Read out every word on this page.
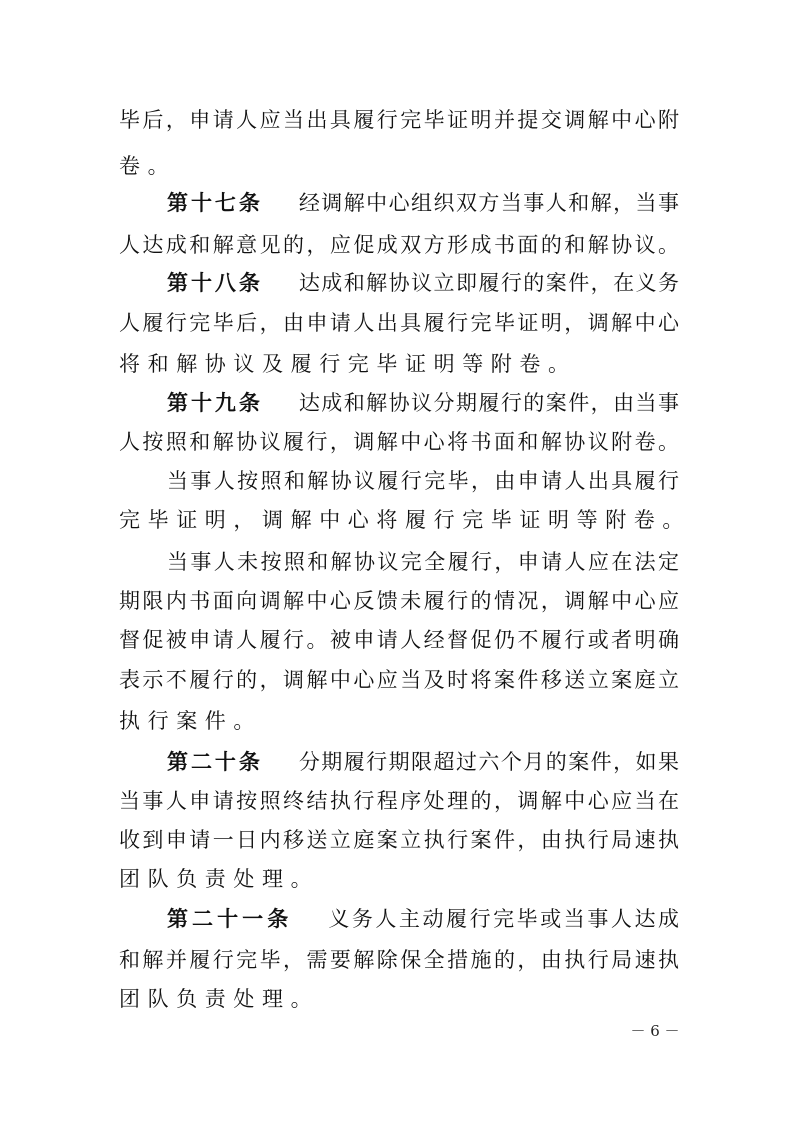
毕后，申请人应当出具履行完毕证明并提交调解中心附
卷。
第十七条 经调解中心组织双方当事人和解，当事
人达成和解意见的，应促成双方形成书面的和解协议。
第十八条 达成和解协议立即履行的案件，在义务
人履行完毕后，由申请人出具履行完毕证明，调解中心
将和解协议及履行完毕证明等附卷。
第十九条 达成和解协议分期履行的案件，由当事
人按照和解协议履行，调解中心将书面和解协议附卷。
当事人按照和解协议履行完毕，由申请人出具履行
完毕证明，调解中心将履行完毕证明等附卷。
当事人未按照和解协议完全履行，申请人应在法定
期限内书面向调解中心反馈未履行的情况，调解中心应
督促被申请人履行。被申请人经督促仍不履行或者明确
表示不履行的，调解中心应当及时将案件移送立案庭立
执行案件。
第二十条 分期履行期限超过六个月的案件，如果
当事人申请按照终结执行程序处理的，调解中心应当在
收到申请一日内移送立庭案立执行案件，由执行局速执
团队负责处理。
第二十一条 义务人主动履行完毕或当事人达成
和解并履行完毕，需要解除保全措施的，由执行局速执
团队负责处理。
－ 6 －
